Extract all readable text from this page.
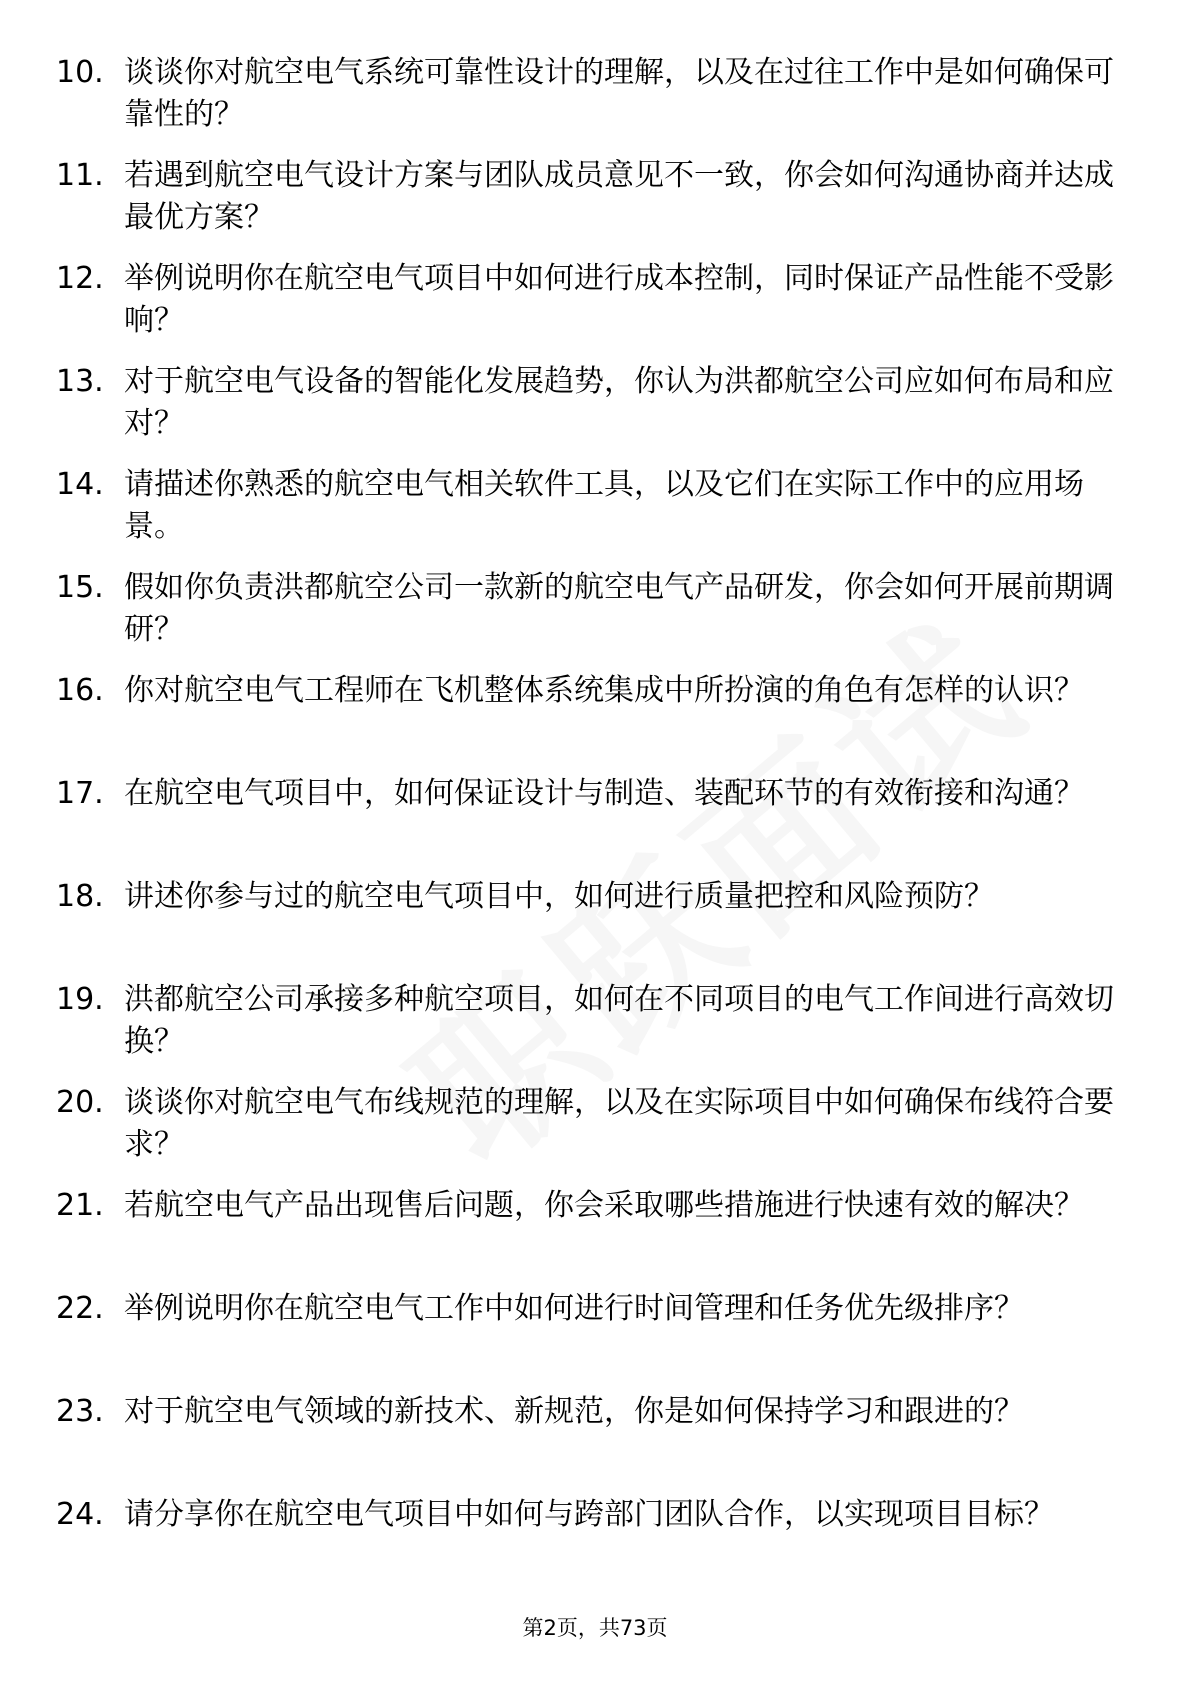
10. 谈谈你对航空电气系统可靠性设计的理解，以及在过往工作中是如何确保可靠性的？
11. 若遇到航空电气设计方案与团队成员意见不一致，你会如何沟通协商并达成最优方案？
12. 举例说明你在航空电气项目中如何进行成本控制，同时保证产品性能不受影响？
13. 对于航空电气设备的智能化发展趋势，你认为洪都航空公司应如何布局和应对？
14. 请描述你熟悉的航空电气相关软件工具，以及它们在实际工作中的应用场景。
15. 假如你负责洪都航空公司一款新的航空电气产品研发，你会如何开展前期调研？
16. 你对航空电气工程师在飞机整体系统集成中所扮演的角色有怎样的认识？
17. 在航空电气项目中，如何保证设计与制造、装配环节的有效衔接和沟通？
18. 讲述你参与过的航空电气项目中，如何进行质量把控和风险预防？
19. 洪都航空公司承接多种航空项目，如何在不同项目的电气工作间进行高效切换？
20. 谈谈你对航空电气布线规范的理解，以及在实际项目中如何确保布线符合要求？
21. 若航空电气产品出现售后问题，你会采取哪些措施进行快速有效的解决？
22. 举例说明你在航空电气工作中如何进行时间管理和任务优先级排序？
23. 对于航空电气领域的新技术、新规范，你是如何保持学习和跟进的？
24. 请分享你在航空电气项目中如何与跨部门团队合作，以实现项目目标？
第2页，共73页
